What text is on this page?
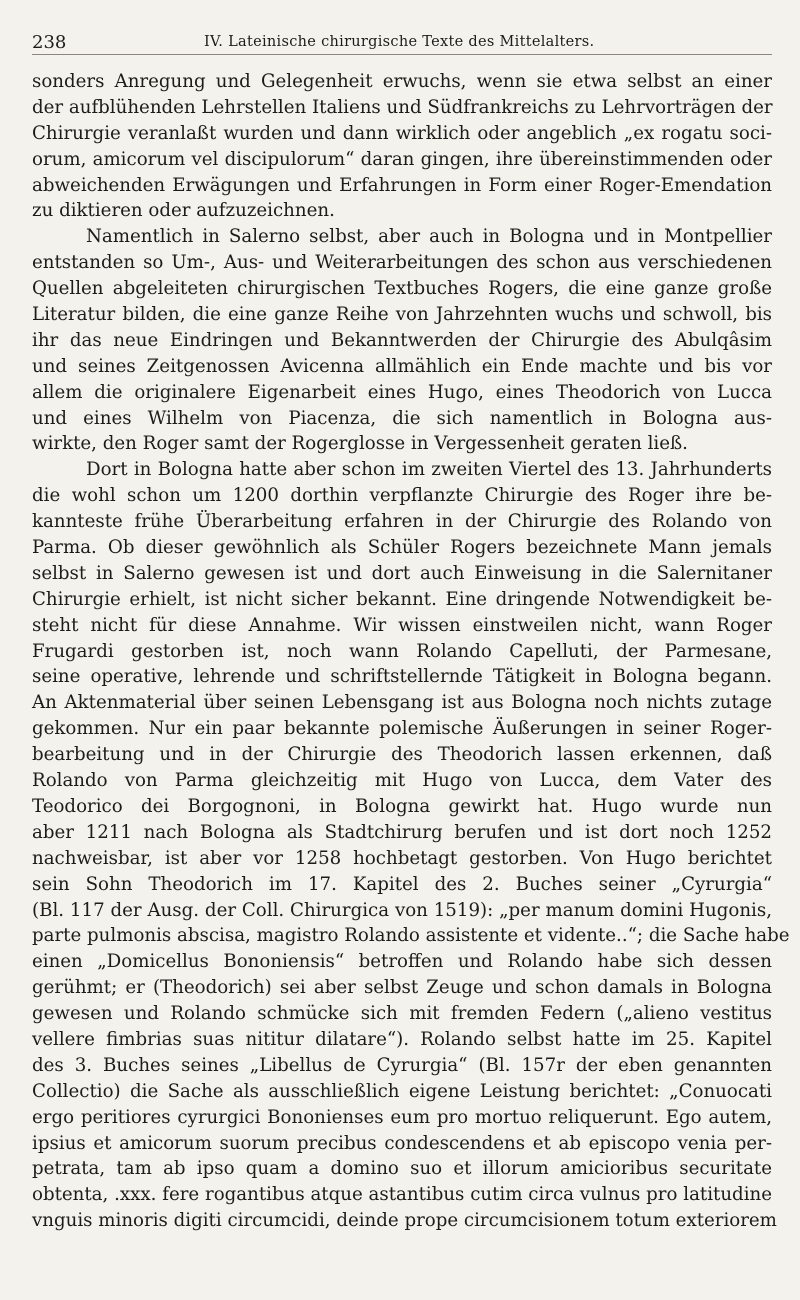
238	IV. Lateinische chirurgische Texte des Mittelalters.
sonders Anregung und Gelegenheit erwuchs, wenn sie etwa selbst an einer
der aufblühenden Lehrstellen Italiens und Südfrankreichs zu Lehrvorträgen der
Chirurgie veranlaßt wurden und dann wirklich oder angeblich „ex rogatu soci-
orum, amicorum vel discipulorum“ daran gingen, ihre übereinstimmenden oder
abweichenden Erwägungen und Erfahrungen in Form einer Roger-Emendation
zu diktieren oder aufzuzeichnen.
Namentlich in Salerno selbst, aber auch in Bologna und in Montpellier
entstanden so Um-, Aus- und Weiterarbeitungen des schon aus verschiedenen
Quellen abgeleiteten chirurgischen Textbuches Rogers, die eine ganze große
Literatur bilden, die eine ganze Reihe von Jahrzehnten wuchs und schwoll, bis
ihr das neue Eindringen und Bekanntwerden der Chirurgie des Abulqâsim
und seines Zeitgenossen Avicenna allmählich ein Ende machte und bis vor
allem die originalere Eigenarbeit eines Hugo, eines Theodorich von Lucca
und eines Wilhelm von Piacenza, die sich namentlich in Bologna aus-
wirkte, den Roger samt der Rogerglosse in Vergessenheit geraten ließ.
Dort in Bologna hatte aber schon im zweiten Viertel des 13. Jahrhunderts
die wohl schon um 1200 dorthin verpflanzte Chirurgie des Roger ihre be-
kannteste frühe Überarbeitung erfahren in der Chirurgie des Rolando von
Parma. Ob dieser gewöhnlich als Schüler Rogers bezeichnete Mann jemals
selbst in Salerno gewesen ist und dort auch Einweisung in die Salernitaner
Chirurgie erhielt, ist nicht sicher bekannt. Eine dringende Notwendigkeit be-
steht nicht für diese Annahme. Wir wissen einstweilen nicht, wann Roger
Frugardi gestorben ist, noch wann Rolando Capelluti, der Parmesane,
seine operative, lehrende und schriftstellernde Tätigkeit in Bologna begann.
An Aktenmaterial über seinen Lebensgang ist aus Bologna noch nichts zutage
gekommen. Nur ein paar bekannte polemische Äußerungen in seiner Roger-
bearbeitung und in der Chirurgie des Theodorich lassen erkennen, daß
Rolando von Parma gleichzeitig mit Hugo von Lucca, dem Vater des
Teodorico dei Borgognoni, in Bologna gewirkt hat. Hugo wurde nun
aber 1211 nach Bologna als Stadtchirurg berufen und ist dort noch 1252
nachweisbar, ist aber vor 1258 hochbetagt gestorben. Von Hugo berichtet
sein Sohn Theodorich im 17. Kapitel des 2. Buches seiner „Cyrurgia“
(Bl. 117 der Ausg. der Coll. Chirurgica von 1519): „per manum domini Hugonis,
parte pulmonis abscisa, magistro Rolando assistente et vidente..“; die Sache habe
einen „Domicellus Bononiensis“ betroffen und Rolando habe sich dessen
gerühmt; er (Theodorich) sei aber selbst Zeuge und schon damals in Bologna
gewesen und Rolando schmücke sich mit fremden Federn („alieno vestitus
vellere fimbrias suas nititur dilatare“). Rolando selbst hatte im 25. Kapitel
des 3. Buches seines „Libellus de Cyrurgia“ (Bl. 157r der eben genannten
Collectio) die Sache als ausschließlich eigene Leistung berichtet: „Conuocati
ergo peritiores cyrurgici Bononienses eum pro mortuo reliquerunt. Ego autem,
ipsius et amicorum suorum precibus condescendens et ab episcopo venia per-
petrata, tam ab ipso quam a domino suo et illorum amicioribus securitate
obtenta, .xxx. fere rogantibus atque astantibus cutim circa vulnus pro latitudine
vnguis minoris digiti circumcidi, deinde prope circumcisionem totum exteriorem
